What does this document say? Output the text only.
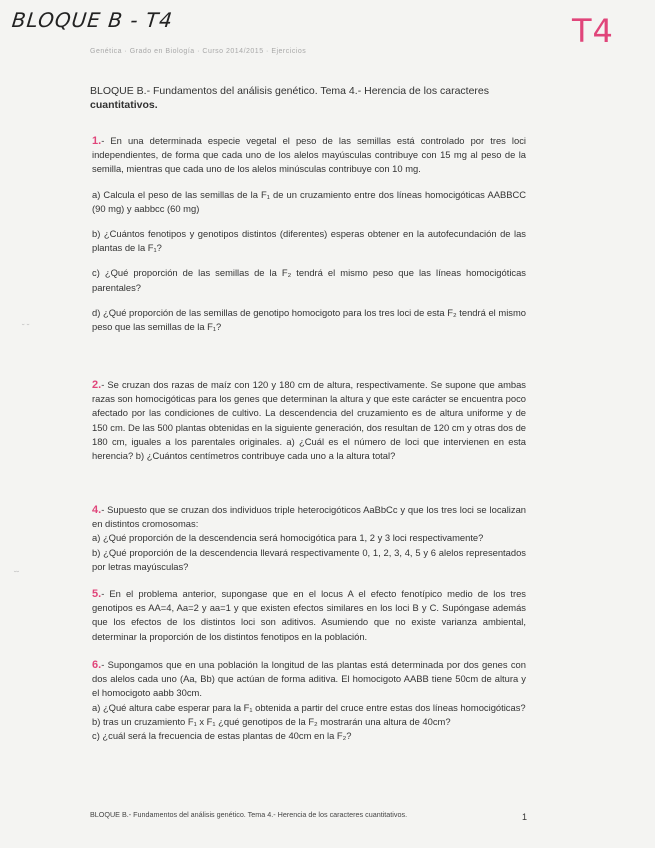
BLOQUE B - T4	T4
Genética · Grado en Biología · Curso 2014/2015 · Ejercicios
BLOQUE B.- Fundamentos del análisis genético. Tema 4.- Herencia de los caracteres
cuantitativos.

1.- En una determinada especie vegetal el peso de las semillas está controlado por tres loci independientes, de forma que cada uno de los alelos mayúsculas contribuye con 15 mg al peso de la semilla, mientras que cada uno de los alelos minúsculas contribuye con 10 mg.

a) Calcula el peso de las semillas de la F₁ de un cruzamiento entre dos líneas homocigóticas AABBCC (90 mg) y aabbcc (60 mg)

b) ¿Cuántos fenotipos y genotipos distintos (diferentes) esperas obtener en la autofecundación de las plantas de la F₁?

c) ¿Qué proporción de las semillas de la F₂ tendrá el mismo peso que las líneas homocigóticas parentales?

d) ¿Qué proporción de las semillas de genotipo homocigoto para los tres loci de esta F₂ tendrá el mismo peso que las semillas de la F₁?

˘ ˘

2.- Se cruzan dos razas de maíz con 120 y 180 cm de altura, respectivamente. Se supone que ambas razas son homocigóticas para los genes que determinan la altura y que este carácter se encuentra poco afectado por las condiciones de cultivo. La descendencia del cruzamiento es de altura uniforme y de 150 cm. De las 500 plantas obtenidas en la siguiente generación, dos resultan de 120 cm y otras dos de 180 cm, iguales a los parentales originales. a) ¿Cuál es el número de loci que intervienen en esta herencia? b) ¿Cuántos centímetros contribuye cada uno a la altura total?

4.- Supuesto que se cruzan dos individuos triple heterocigóticos AaBbCc y que los tres loci se localizan en distintos cromosomas:

a) ¿Qué proporción de la descendencia será homocigótica para 1, 2 y 3 loci respectivamente?

b) ¿Qué proporción de la descendencia llevará respectivamente 0, 1, 2, 3, 4, 5 y 6 alelos representados por letras mayúsculas?

˘˘

5.- En el problema anterior, supongase que en el locus A el efecto fenotípico medio de los tres genotipos es AA=4, Aa=2 y aa=1 y que existen efectos similares en los loci B y C. Supóngase además que los efectos de los distintos loci son aditivos. Asumiendo que no existe varianza ambiental, determinar la proporción de los distintos fenotipos en la población.

6.- Supongamos que en una población la longitud de las plantas está determinada por dos genes con dos alelos cada uno (Aa, Bb) que actúan de forma aditiva. El homocigoto AABB tiene 50cm de altura y el homocigoto aabb 30cm.

a) ¿Qué altura cabe esperar para la F₁ obtenida a partir del cruce entre estas dos líneas homocigóticas?

b) tras un cruzamiento F₁ x F₁ ¿qué genotipos de la F₂ mostrarán una altura de 40cm?

c) ¿cuál será la frecuencia de estas plantas de 40cm en la F₂?

BLOQUE B.- Fundamentos del análisis genético. Tema 4.- Herencia de los caracteres cuantitativos.	1
